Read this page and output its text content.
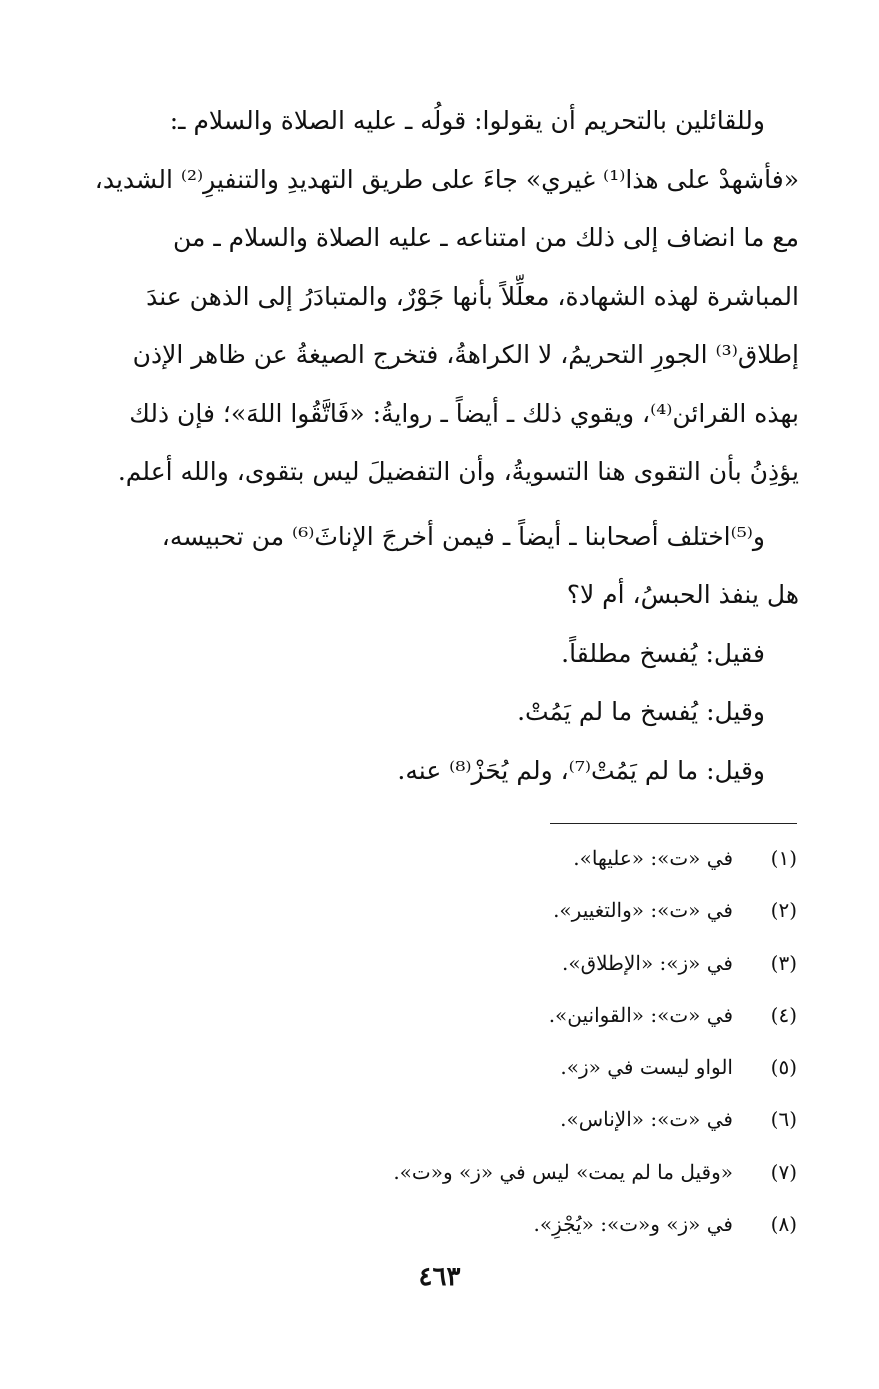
وللقائلين بالتحريم أن يقولوا: قولُه ـ عليه الصلاة والسلام ـ:
«فأشهدْ على هذا⁽¹⁾ غيري» جاءَ على طريق التهديدِ والتنفيرِ⁽²⁾ الشديد،
مع ما انضاف إلى ذلك من امتناعه ـ عليه الصلاة والسلام ـ من
المباشرة لهذه الشهادة، معلِّلاً بأنها جَوْرٌ، والمتبادَرُ إلى الذهن عندَ
إطلاق⁽³⁾ الجورِ التحريمُ، لا الكراهةُ، فتخرج الصيغةُ عن ظاهر الإذن
بهذه القرائن⁽⁴⁾، ويقوي ذلك ـ أيضاً ـ روايةُ: «فَاتَّقُوا اللهَ»؛ فإن ذلك
يؤذِنُ بأن التقوى هنا التسويةُ، وأن التفضيلَ ليس بتقوى، والله أعلم.
و⁽⁵⁾اختلف أصحابنا ـ أيضاً ـ فيمن أخرجَ الإناثَ⁽⁶⁾ من تحبيسه،
هل ينفذ الحبسُ، أم لا؟
فقيل: يُفسخ مطلقاً.
وقيل: يُفسخ ما لم يَمُتْ.
وقيل: ما لم يَمُتْ⁽⁷⁾، ولم يُحَزْ⁽⁸⁾ عنه.
(١)
في «ت»: «عليها».
(٢)
في «ت»: «والتغيير».
(٣)
في «ز»: «الإطلاق».
(٤)
في «ت»: «القوانين».
(٥)
الواو ليست في «ز».
(٦)
في «ت»: «الإناس».
(٧)
«وقيل ما لم يمت» ليس في «ز» و«ت».
(٨)
في «ز» و«ت»: «يُجْزِ».
٤٦٣
